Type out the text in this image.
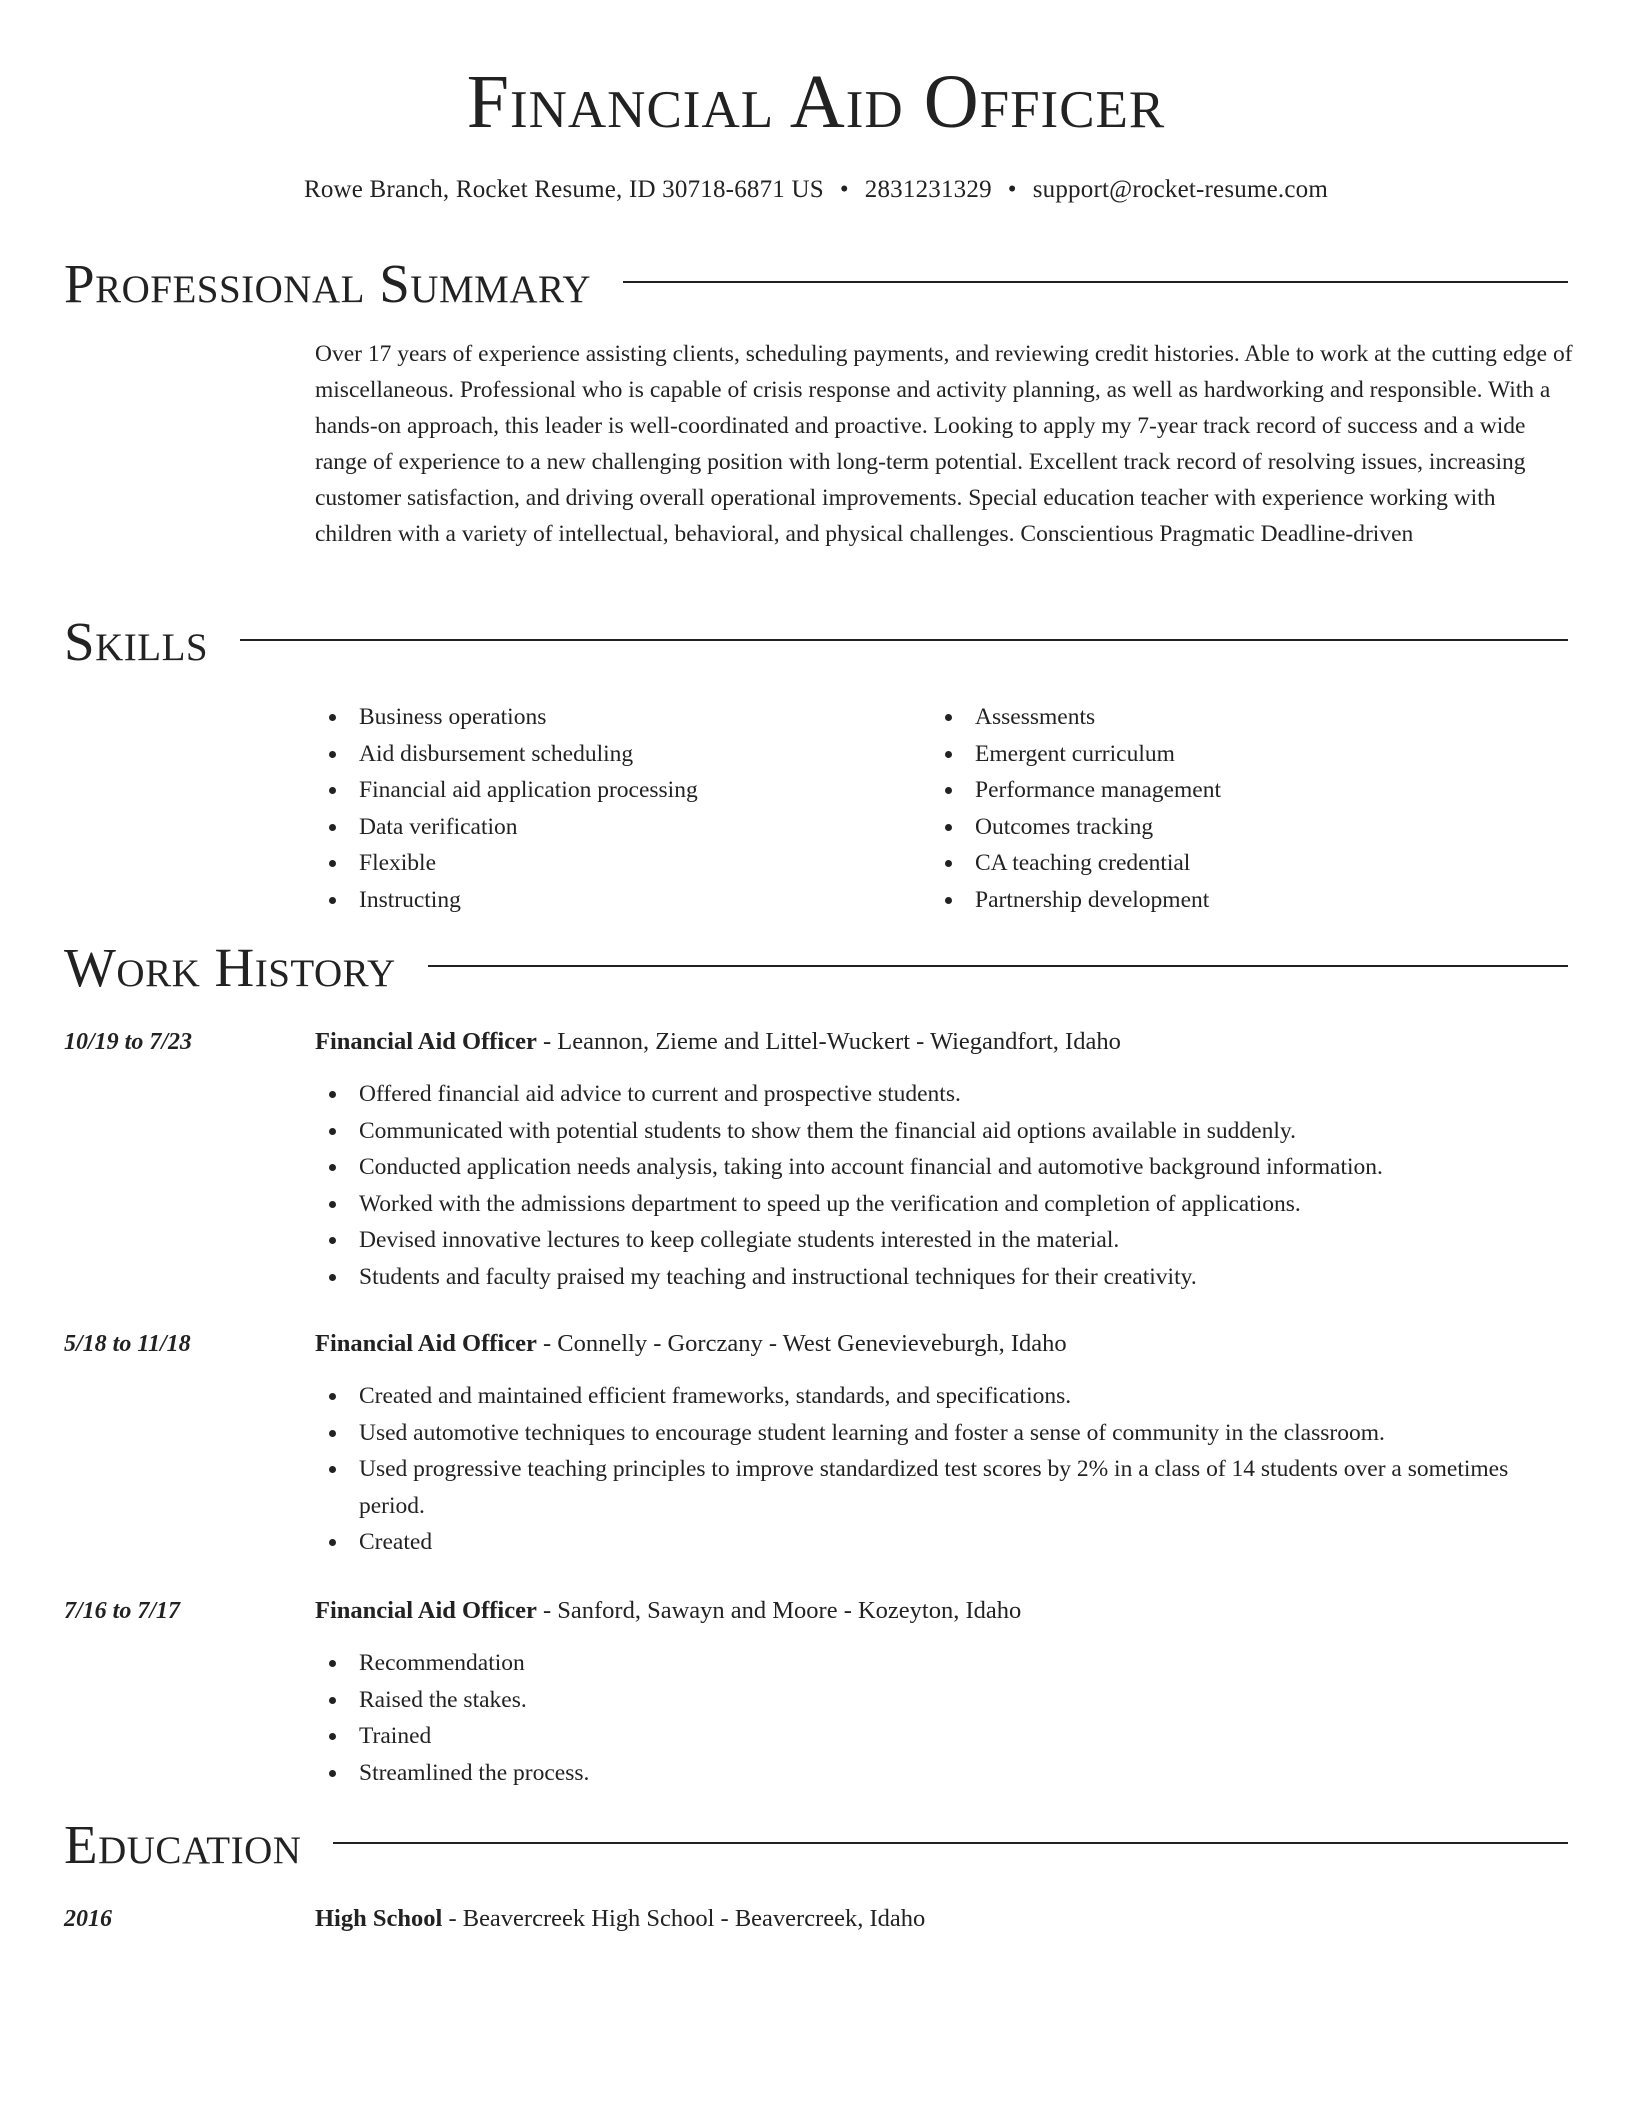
Financial Aid Officer
Rowe Branch, Rocket Resume, ID 30718-6871 US • 2831231329 • support@rocket-resume.com
Professional Summary

Over 17 years of experience assisting clients, scheduling payments, and reviewing credit histories. Able to work at the cutting edge of miscellaneous. Professional who is capable of crisis response and activity planning, as well as hardworking and responsible. With a hands-on approach, this leader is well-coordinated and proactive. Looking to apply my 7-year track record of success and a wide range of experience to a new challenging position with long-term potential. Excellent track record of resolving issues, increasing customer satisfaction, and driving overall operational improvements. Special education teacher with experience working with children with a variety of intellectual, behavioral, and physical challenges. Conscientious Pragmatic Deadline-driven

Skills
Business operations
Aid disbursement scheduling
Financial aid application processing
Data verification
Flexible
Instructing
Assessments
Emergent curriculum
Performance management
Outcomes tracking
CA teaching credential
Partnership development
Work History
10/19 to 7/23	Financial Aid Officer - Leannon, Zieme and Littel-Wuckert - Wiegandfort, Idaho
Offered financial aid advice to current and prospective students.
Communicated with potential students to show them the financial aid options available in suddenly.
Conducted application needs analysis, taking into account financial and automotive background information.
Worked with the admissions department to speed up the verification and completion of applications.
Devised innovative lectures to keep collegiate students interested in the material.
Students and faculty praised my teaching and instructional techniques for their creativity.
5/18 to 11/18	Financial Aid Officer - Connelly - Gorczany - West Genevieveburgh, Idaho
Created and maintained efficient frameworks, standards, and specifications.
Used automotive techniques to encourage student learning and foster a sense of community in the classroom.
Used progressive teaching principles to improve standardized test scores by 2% in a class of 14 students over a sometimes period.
Created
7/16 to 7/17	Financial Aid Officer - Sanford, Sawayn and Moore - Kozeyton, Idaho
Recommendation
Raised the stakes.
Trained
Streamlined the process.
Education
2016	High School - Beavercreek High School - Beavercreek, Idaho
